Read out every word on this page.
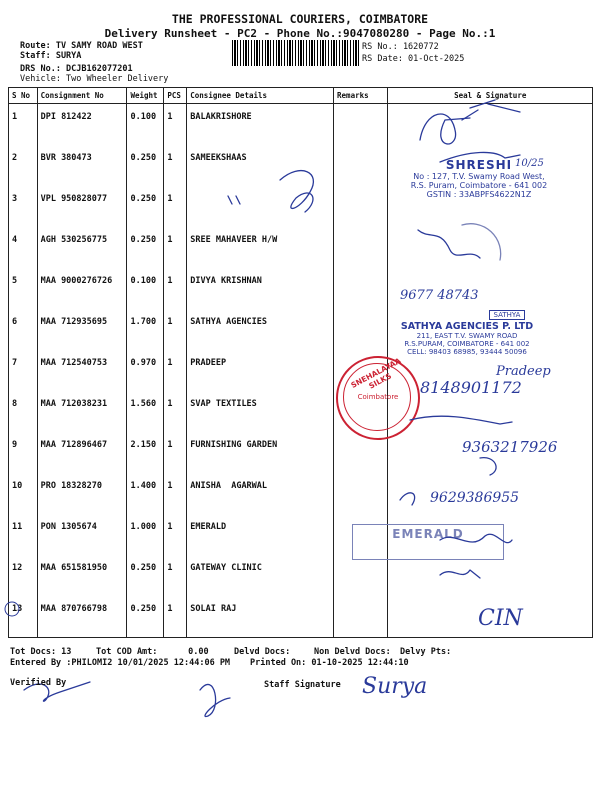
THE PROFESSIONAL COURIERS, COIMBATORE
Delivery Runsheet - PC2 - Phone No.:9047080280 - Page No.:1
Route: TV SAMY ROAD WEST
Staff: SURYA
DRS No.: DCJB162077201
Vehicle: Two Wheeler Delivery
RS No.: 1620772
RS Date: 01-Oct-2025
S No	Consignment No	Weight	PCS	Consignee Details	Remarks	Seal & Signature

1	DPI 812422	0.100	1	BALAKRISHORE		

2	BVR 380473	0.250	1	SAMEEKSHAAS		

3	VPL 950828077	0.250	1			

4	AGH 530256775	0.250	1	SREE MAHAVEER H/W		

5	MAA 9000276726	0.100	1	DIVYA KRISHNAN		

6	MAA 712935695	1.700	1	SATHYA AGENCIES		

7	MAA 712540753	0.970	1	PRADEEP		

8	MAA 712038231	1.560	1	SVAP TEXTILES		

9	MAA 712896467	2.150	1	FURNISHING GARDEN		

10	PRO 18328270	1.400	1	ANISHA  AGARWAL		

11	PON 1305674	1.000	1	EMERALD		

12	MAA 651581950	0.250	1	GATEWAY CLINIC		

13	MAA 870766798	0.250	1	SOLAI RAJ		

SHRESHI
No : 127, T.V. Swamy Road West,
R.S. Puram, Coimbatore - 641 002
GSTIN : 33ABPFS4622N1Z
SATHYA
SATHYA AGENCIES P. LTD
211, EAST T.V. SWAMY ROAD
R.S.PURAM, COIMBATORE - 641 002
CELL: 98403 68985, 93444 50096
SNEHALAYAA SILKS
Coimbatore
EMERALD
10/25
9677 48743
Pradeep
8148901172
9363217926
9629386955
CIN
Tot Docs: 13	Tot COD Amt:      0.00	Delvd Docs:	Non Delvd Docs: Delvy Pts:
Entered By :PHILOMI2 10/01/2025 12:44:06 PM Printed On: 01-10-2025 12:44:10
Verified By	Staff Signature Surya
